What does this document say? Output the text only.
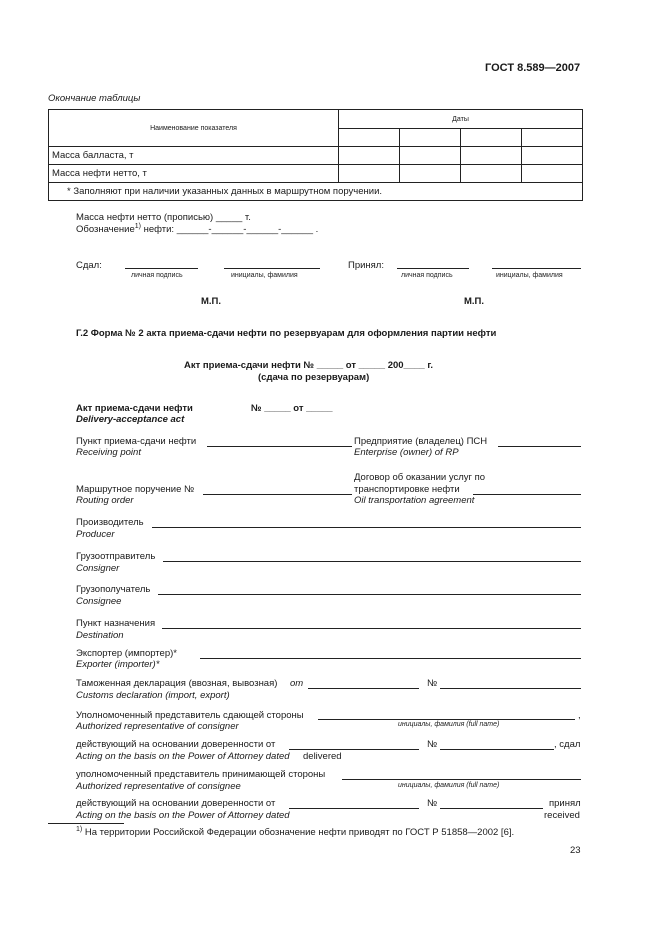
ГОСТ 8.589—2007
Окончание таблицы
Наименование показателя	Даты			

Масса балласта, т				
Масса нефти нетто, т				
* Заполняют при наличии указанных данных в маршрутном поручении.				
Масса нефти нетто (прописью) _____ т.
Обозначение$^{1)}$ нефти: ______-______-______-______ .
Сдал:
личная подпись	инициалы, фамилия
Принял:
личная подпись	инициалы, фамилия
М.П.	М.П.
Г.2 Форма № 2 акта приема-сдачи нефти по резервуарам для оформления партии нефти
Акт приема-сдачи нефти № _____ от _____ 200____ г.
(сдача по резервуарам)
Акт приема-сдачи нефти	№ _____ от _____
Delivery-acceptance act
Пункт приема-сдачи нефти
Receiving point
Предприятие (владелец) ПСН
Enterprise (owner) of RP
Договор об оказании услуг по
транспортировке нефти
Oil transportation agreement
Маршрутное поручение №
Routing order
Производитель
Producer
Грузоотправитель
Consigner
Грузополучатель
Consignee
Пункт назначения
Destination
Экспортер (импортер)*
Exporter (importer)*
Таможенная декларация (ввозная, вывозная) от	№
Customs declaration (import, export)
Уполномоченный представитель сдающей стороны	,
Authorized representative of consigner	инициалы, фамилия (full name)
действующий на основании доверенности от	№	, сдал
Acting on the basis on the Power of Attorney dated delivered
уполномоченный представитель принимающей стороны
Authorized representative of consignee	инициалы, фамилия (full name)
действующий на основании доверенности от	№	принял
Acting on the basis on the Power of Attorney dated	received
$^{1)}$ На территории Российской Федерации обозначение нефти приводят по ГОСТ Р 51858—2002 [6].
23
